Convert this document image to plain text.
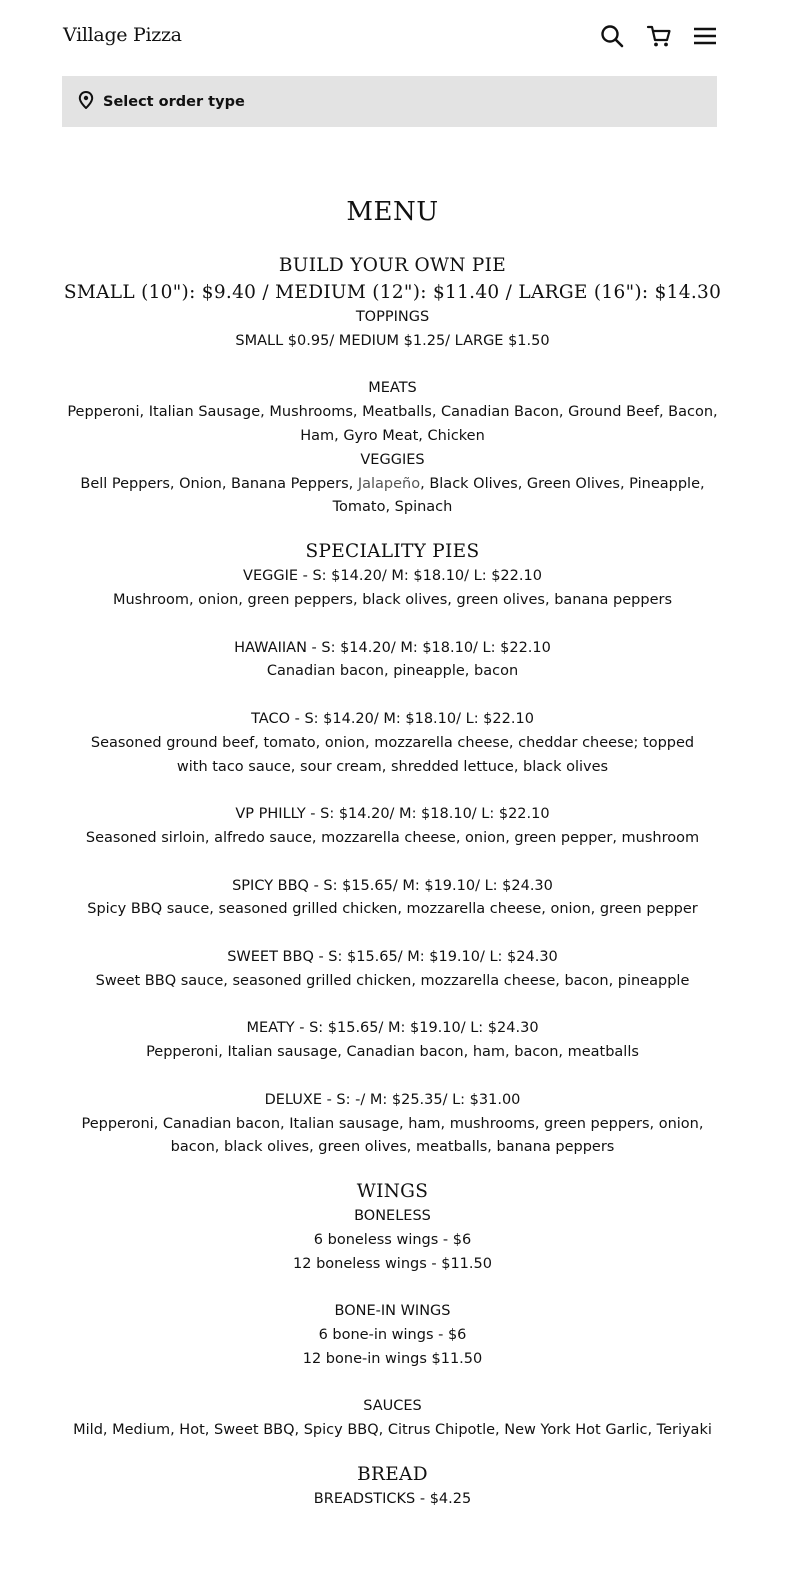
Village Pizza
Select order type
MENU
BUILD YOUR OWN PIE
SMALL (10"): $9.40 / MEDIUM (12"): $11.40 / LARGE (16"): $14.30
TOPPINGS
SMALL $0.95/ MEDIUM $1.25/ LARGE $1.50
MEATS
Pepperoni, Italian Sausage, Mushrooms, Meatballs, Canadian Bacon, Ground Beef, Bacon, Ham, Gyro Meat, Chicken
VEGGIES
Bell Peppers, Onion, Banana Peppers, Jalapeño, Black Olives, Green Olives, Pineapple, Tomato, Spinach
SPECIALITY PIES
VEGGIE - S: $14.20/ M: $18.10/ L: $22.10
Mushroom, onion, green peppers, black olives, green olives, banana peppers
HAWAIIAN - S: $14.20/ M: $18.10/ L: $22.10
Canadian bacon, pineapple, bacon
TACO - S: $14.20/ M: $18.10/ L: $22.10
Seasoned ground beef, tomato, onion, mozzarella cheese, cheddar cheese; topped with taco sauce, sour cream, shredded lettuce, black olives
VP PHILLY - S: $14.20/ M: $18.10/ L: $22.10
Seasoned sirloin, alfredo sauce, mozzarella cheese, onion, green pepper, mushroom
SPICY BBQ - S: $15.65/ M: $19.10/ L: $24.30
Spicy BBQ sauce, seasoned grilled chicken, mozzarella cheese, onion, green pepper
SWEET BBQ - S: $15.65/ M: $19.10/ L: $24.30
Sweet BBQ sauce, seasoned grilled chicken, mozzarella cheese, bacon, pineapple
MEATY - S: $15.65/ M: $19.10/ L: $24.30
Pepperoni, Italian sausage, Canadian bacon, ham, bacon, meatballs
DELUXE - S: -/ M: $25.35/ L: $31.00
Pepperoni, Canadian bacon, Italian sausage, ham, mushrooms, green peppers, onion, bacon, black olives, green olives, meatballs, banana peppers
WINGS
BONELESS
6 boneless wings - $6
12 boneless wings - $11.50
BONE-IN WINGS
6 bone-in wings - $6
12 bone-in wings $11.50
SAUCES
Mild, Medium, Hot, Sweet BBQ, Spicy BBQ, Citrus Chipotle, New York Hot Garlic, Teriyaki
BREAD
BREADSTICKS - $4.25
